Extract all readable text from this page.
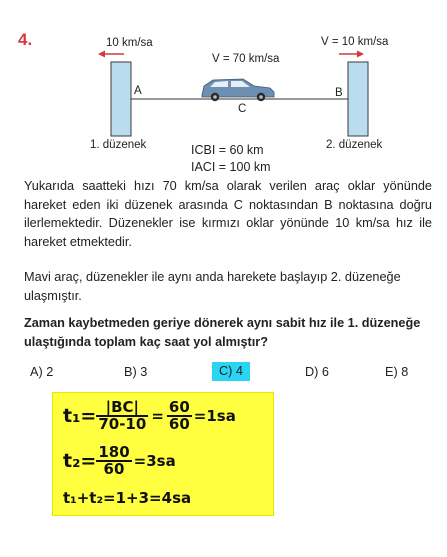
4.	10 km/sa
V = 70 km/sa
V = 10 km/sa
A	B
C
1. düzenek	2. düzenek
ICBI = 60 km
IACI = 100 km
Yukarıda saatteki hızı 70 km/sa olarak verilen araç oklar yönünde hareket eden iki düzenek arasında C noktasından B noktasına doğru ilerlemektedir. Düzenekler ise kırmızı oklar yönünde 10 km/sa hız ile hareket etmektedir.
Mavi araç, düzenekler ile aynı anda harekete başlayıp 2. düzeneğe ulaşmıştır.
Zaman kaybetmeden geriye dönerek aynı sabit hız ile 1. düzeneğe ulaştığında toplam kaç saat yol almıştır?
A) 2	B) 3	C) 4	D) 6	E) 8
$t_1= \frac{|BC|}{70-10} = \frac{60}{60} =1sa$
$t_2= \frac{180}{60} =3sa$
t₁+t₂=1+3=4sa
